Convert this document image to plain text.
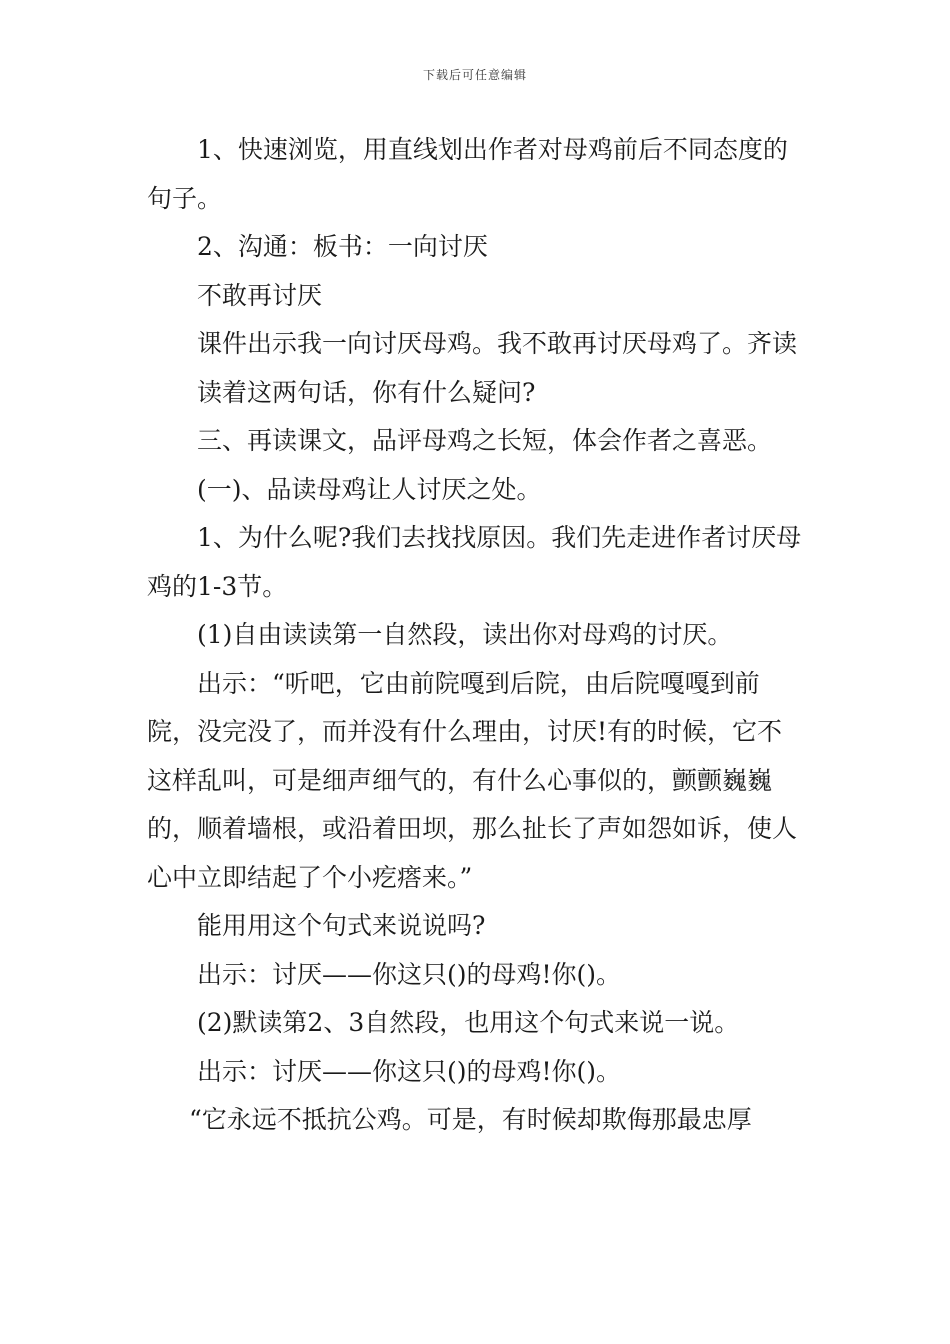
下载后可任意编辑

1、快速浏览，用直线划出作者对母鸡前后不同态度的句子。

2、沟通：板书：一向讨厌

不敢再讨厌

课件出示我一向讨厌母鸡。我不敢再讨厌母鸡了。齐读

读着这两句话，你有什么疑问?

三、再读课文，品评母鸡之长短，体会作者之喜恶。

(一)、品读母鸡让人讨厌之处。

1、为什么呢?我们去找找原因。我们先走进作者讨厌母鸡的1-3节。

(1)自由读读第一自然段，读出你对母鸡的讨厌。

出示：“听吧，它由前院嘎到后院，由后院嘎嘎到前院，没完没了，而并没有什么理由，讨厌!有的时候，它不这样乱叫，可是细声细气的，有什么心事似的，颤颤巍巍的，顺着墙根，或沿着田坝，那么扯长了声如怨如诉，使人心中立即结起了个小疙瘩来。”

能用用这个句式来说说吗?

出示：讨厌——你这只()的母鸡!你()。

(2)默读第2、3自然段，也用这个句式来说一说。

出示：讨厌——你这只()的母鸡!你()。

“它永远不抵抗公鸡。可是，有时候却欺侮那最忠厚
